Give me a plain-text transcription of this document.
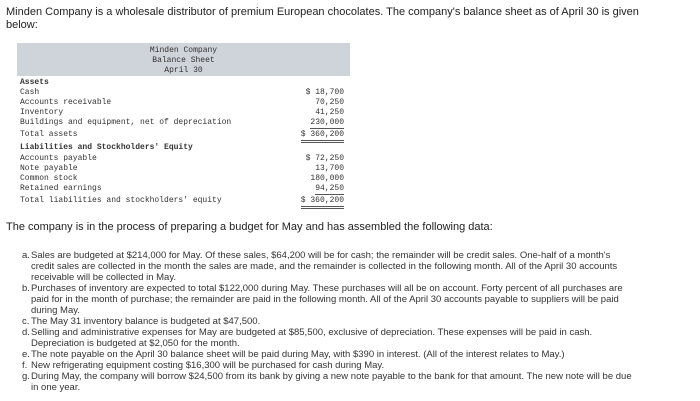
Minden Company is a wholesale distributor of premium European chocolates. The company's balance sheet as of April 30 is given below:
Minden Company
Balance Sheet
April 30
Assets
Cash	$ 18,700
Accounts receivable	70,250
Inventory	41,250
Buildings and equipment, net of depreciation	230,000
Total assets	$ 360,200
Liabilities and Stockholders' Equity
Accounts payable	$ 72,250
Note payable	13,700
Common stock	180,000
Retained earnings	94,250
Total liabilities and stockholders' equity	$ 360,200
The company is in the process of preparing a budget for May and has assembled the following data:
a. Sales are budgeted at $214,000 for May. Of these sales, $64,200 will be for cash; the remainder will be credit sales. One-half of a month's credit sales are collected in the month the sales are made, and the remainder is collected in the following month. All of the April 30 accounts receivable will be collected in May.
b. Purchases of inventory are expected to total $122,000 during May. These purchases will all be on account. Forty percent of all purchases are paid for in the month of purchase; the remainder are paid in the following month. All of the April 30 accounts payable to suppliers will be paid during May.
c. The May 31 inventory balance is budgeted at $47,500.
d. Selling and administrative expenses for May are budgeted at $85,500, exclusive of depreciation. These expenses will be paid in cash. Depreciation is budgeted at $2,050 for the month.
e. The note payable on the April 30 balance sheet will be paid during May, with $390 in interest. (All of the interest relates to May.)
f. New refrigerating equipment costing $16,300 will be purchased for cash during May.
g. During May, the company will borrow $24,500 from its bank by giving a new note payable to the bank for that amount. The new note will be due in one year.
